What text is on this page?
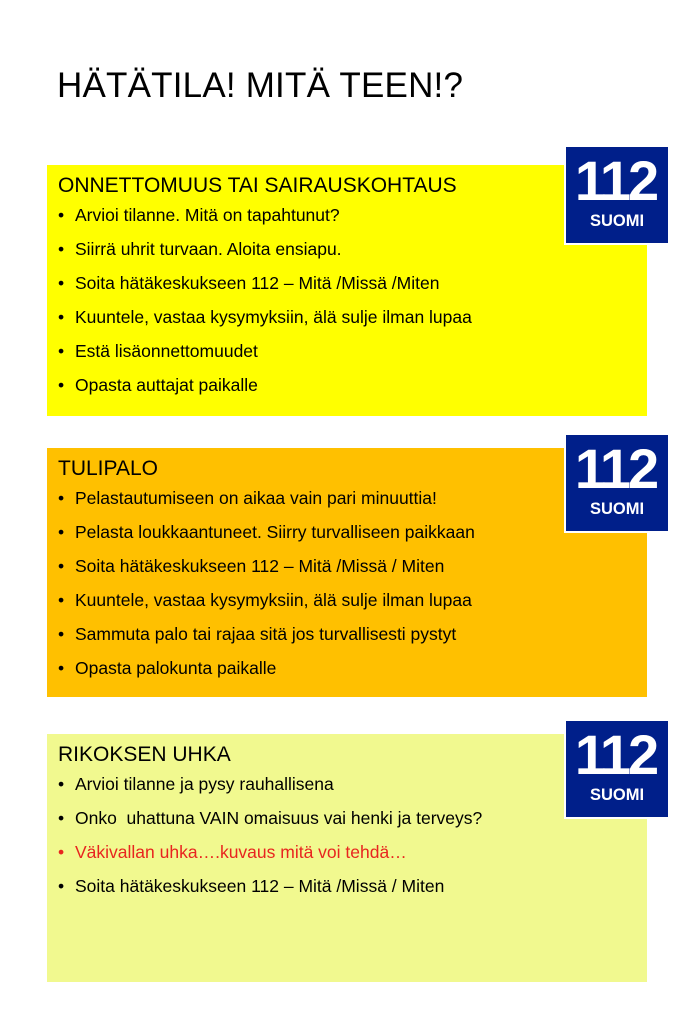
HÄTÄTILA! MITÄ TEEN!?
ONNETTOMUUS TAI SAIRAUSKOHTAUS
• Arvioi tilanne. Mitä on tapahtunut?
• Siirrä uhrit turvaan. Aloita ensiapu.
• Soita hätäkeskukseen 112 – Mitä /Missä /Miten
• Kuuntele, vastaa kysymyksiin, älä sulje ilman lupaa
• Estä lisäonnettomuudet
• Opasta auttajat paikalle
112
SUOMI
TULIPALO
• Pelastautumiseen on aikaa vain pari minuuttia!
• Pelasta loukkaantuneet. Siirry turvalliseen paikkaan
• Soita hätäkeskukseen 112 – Mitä /Missä / Miten
• Kuuntele, vastaa kysymyksiin, älä sulje ilman lupaa
• Sammuta palo tai rajaa sitä jos turvallisesti pystyt
• Opasta palokunta paikalle
112
SUOMI
RIKOKSEN UHKA
• Arvioi tilanne ja pysy rauhallisena
• Onko  uhattuna VAIN omaisuus vai henki ja terveys?
• Väkivallan uhka….kuvaus mitä voi tehdä…
• Soita hätäkeskukseen 112 – Mitä /Missä / Miten
112
SUOMI
